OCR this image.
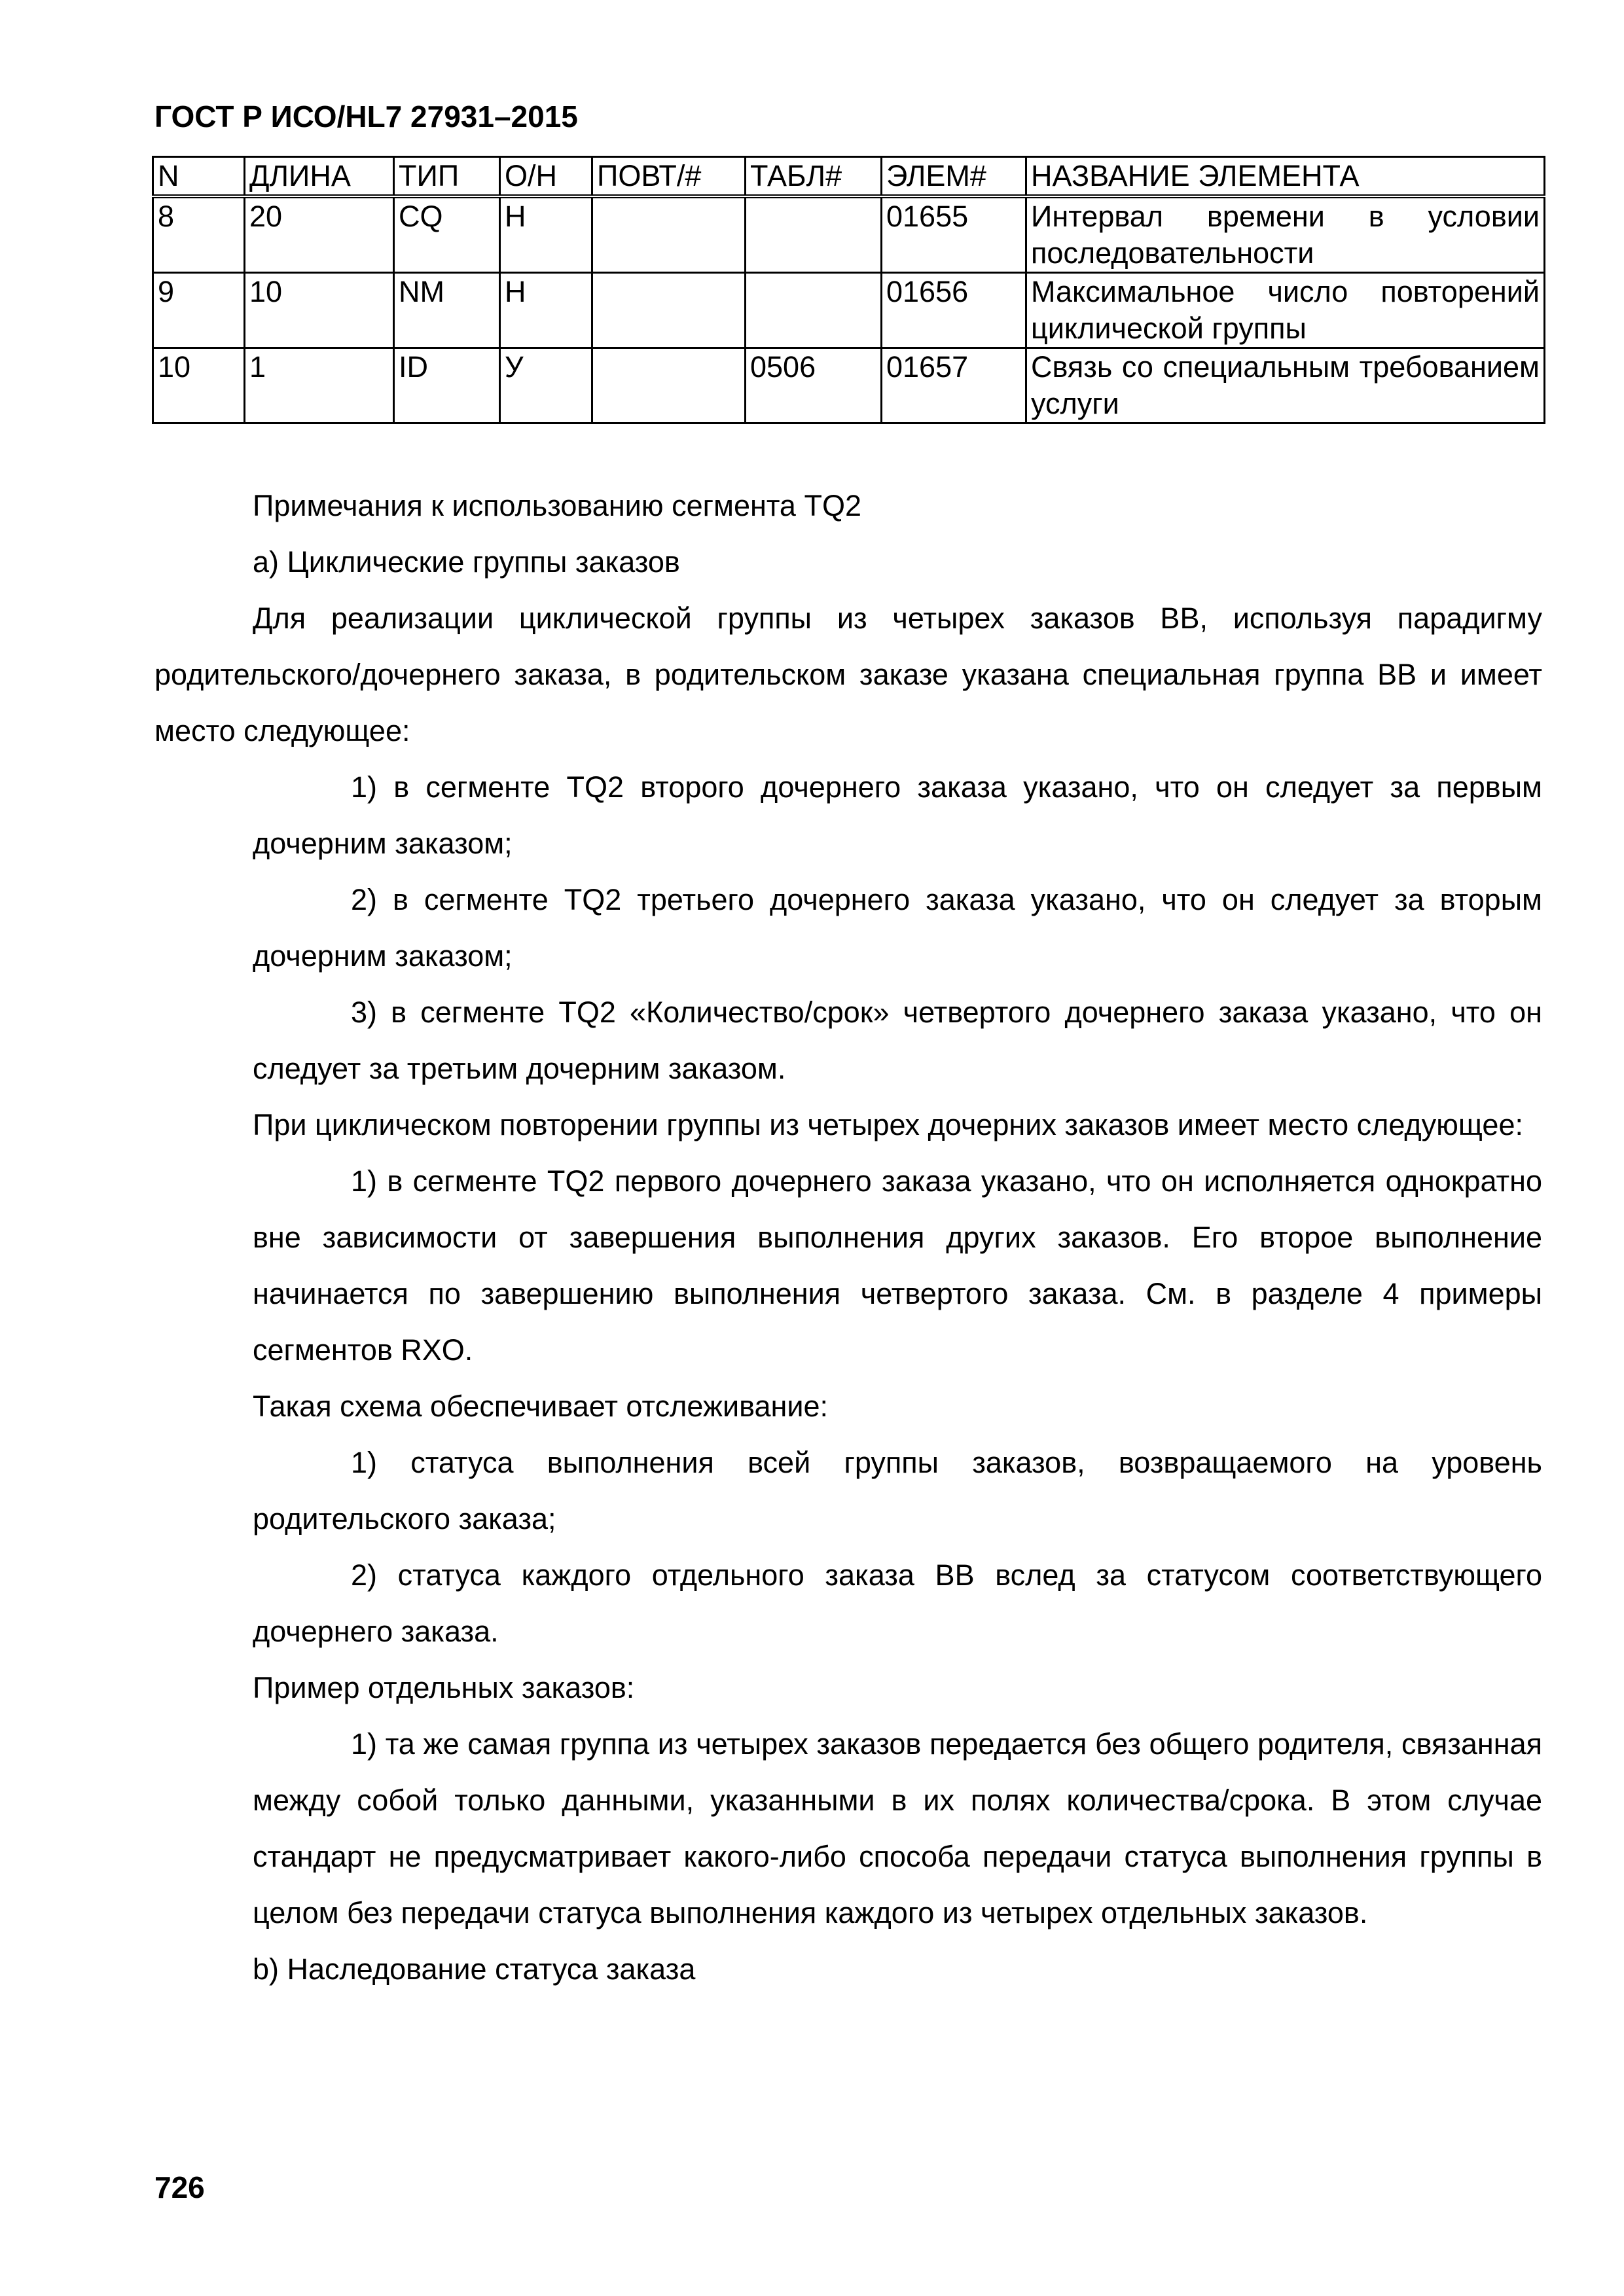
ГОСТ Р ИСО/HL7 27931–2015
N	ДЛИНА	ТИП	О/Н	ПОВТ/#	ТАБЛ#	ЭЛЕМ#	НАЗВАНИЕ ЭЛЕМЕНТА
8	20	CQ	Н			01655	Интервал времени в условии последовательности
9	10	NM	Н			01656	Максимальное число повторений циклической группы
10	1	ID	У		0506	01657	Связь со специальным требованием услуги

Примечания к использованию сегмента TQ2

а) Циклические группы заказов

Для реализации циклической группы из четырех заказов ВВ, используя парадигму родительского/дочернего заказа, в родительском заказе указана специальная группа ВВ и имеет место следующее:

1) в сегменте TQ2 второго дочернего заказа указано, что он следует за первым дочерним заказом;

2) в сегменте TQ2 третьего дочернего заказа указано, что он следует за вторым дочерним заказом;

3) в сегменте TQ2 «Количество/срок» четвертого дочернего заказа указано, что он следует за третьим дочерним заказом.

При циклическом повторении группы из четырех дочерних заказов имеет место следующее:

1) в сегменте TQ2 первого дочернего заказа указано, что он исполняется однократно вне зависимости от завершения выполнения других заказов. Его второе выполнение начинается по завершению выполнения четвертого заказа. См. в разделе 4 примеры сегментов RXO.

Такая схема обеспечивает отслеживание:

1) статуса выполнения всей группы заказов, возвращаемого на уровень родительского заказа;

2) статуса каждого отдельного заказа ВВ вслед за статусом соответствующего дочернего заказа.

Пример отдельных заказов:

1) та же самая группа из четырех заказов передается без общего родителя, связанная между собой только данными, указанными в их полях количества/срока. В этом случае стандарт не предусматривает какого-либо способа передачи статуса выполнения группы в целом без передачи статуса выполнения каждого из четырех отдельных заказов.

b) Наследование статуса заказа

726
